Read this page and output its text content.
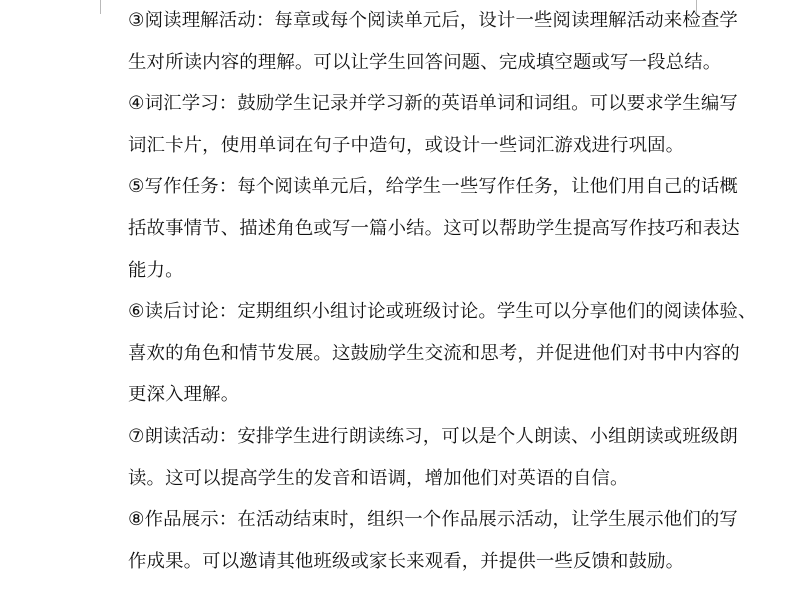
③阅读理解活动：每章或每个阅读单元后，设计一些阅读理解活动来检查学
生对所读内容的理解。可以让学生回答问题、完成填空题或写一段总结。

④词汇学习：鼓励学生记录并学习新的英语单词和词组。可以要求学生编写
词汇卡片，使用单词在句子中造句，或设计一些词汇游戏进行巩固。

⑤写作任务：每个阅读单元后，给学生一些写作任务，让他们用自己的话概
括故事情节、描述角色或写一篇小结。这可以帮助学生提高写作技巧和表达
能力。

⑥读后讨论：定期组织小组讨论或班级讨论。学生可以分享他们的阅读体验、
喜欢的角色和情节发展。这鼓励学生交流和思考，并促进他们对书中内容的
更深入理解。

⑦朗读活动：安排学生进行朗读练习，可以是个人朗读、小组朗读或班级朗
读。这可以提高学生的发音和语调，增加他们对英语的自信。

⑧作品展示：在活动结束时，组织一个作品展示活动，让学生展示他们的写
作成果。可以邀请其他班级或家长来观看，并提供一些反馈和鼓励。
